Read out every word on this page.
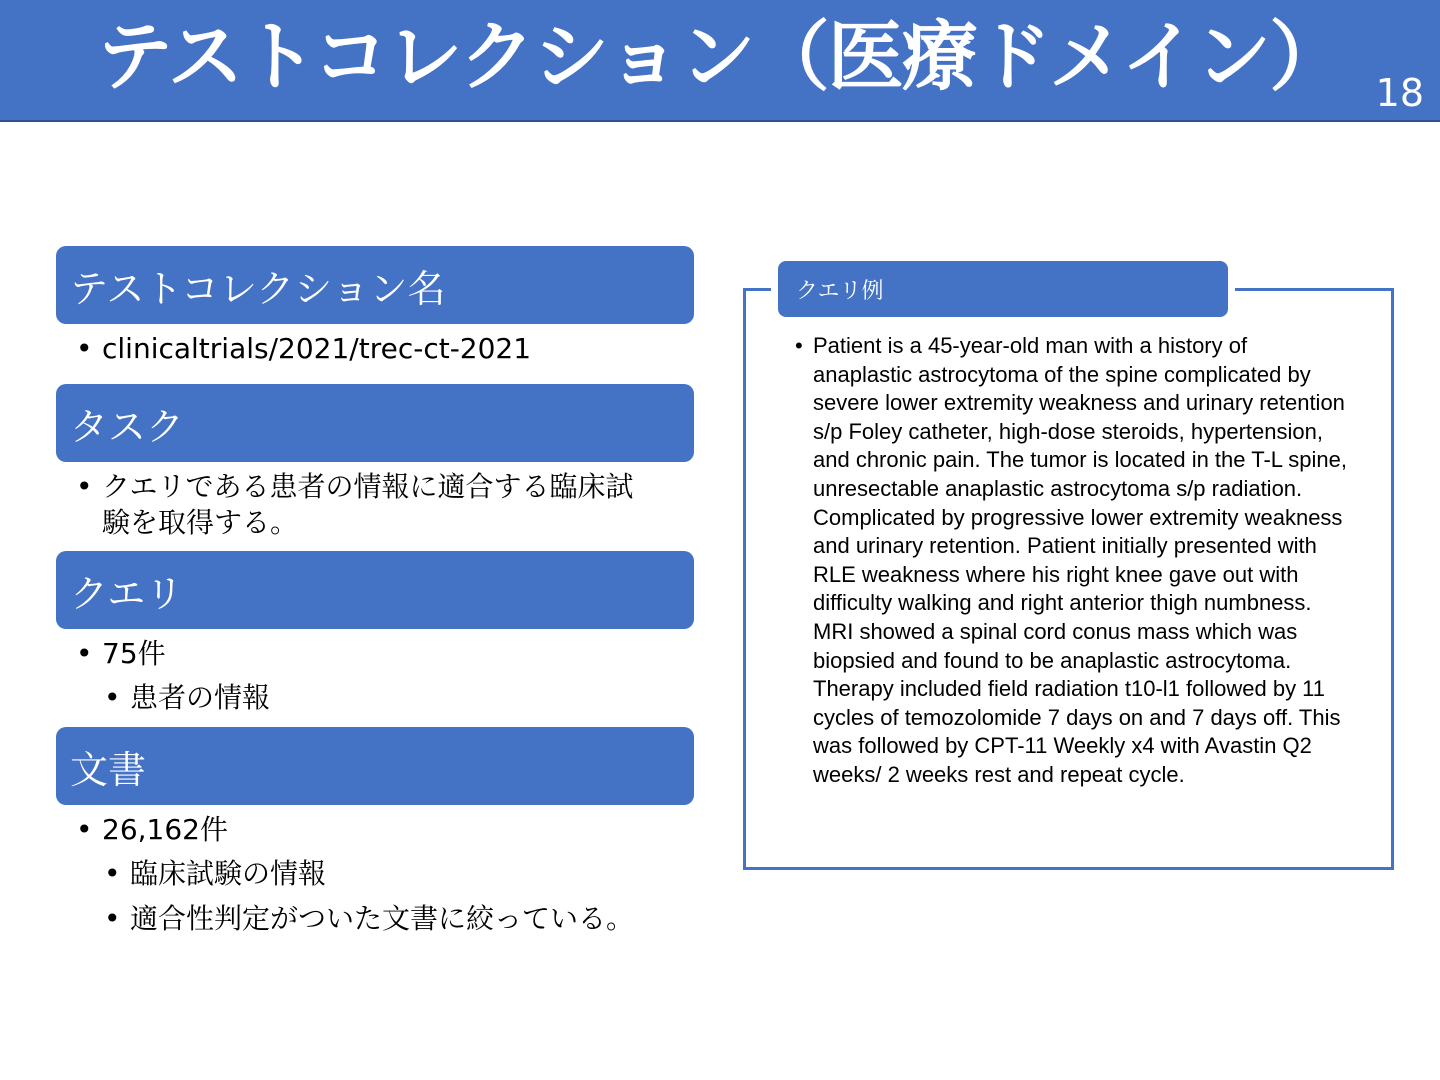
テストコレクション（医療ドメイン） 18
テストコレクション名
• clinicaltrials/2021/trec-ct-2021
タスク
• クエリである患者の情報に適合する臨床試験を取得する。
クエリ
• 75件
• 患者の情報
文書
• 26,162件
• 臨床試験の情報
• 適合性判定がついた文書に絞っている。
クエリ例
• Patient is a 45-year-old man with a history of anaplastic astrocytoma of the spine complicated by severe lower extremity weakness and urinary retention s/p Foley catheter, high-dose steroids, hypertension, and chronic pain. The tumor is located in the T-L spine, unresectable anaplastic astrocytoma s/p radiation. Complicated by progressive lower extremity weakness and urinary retention. Patient initially presented with RLE weakness where his right knee gave out with difficulty walking and right anterior thigh numbness. MRI showed a spinal cord conus mass which was biopsied and found to be anaplastic astrocytoma. Therapy included field radiation t10-l1 followed by 11 cycles of temozolomide 7 days on and 7 days off. This was followed by CPT-11 Weekly x4 with Avastin Q2 weeks/ 2 weeks rest and repeat cycle.
